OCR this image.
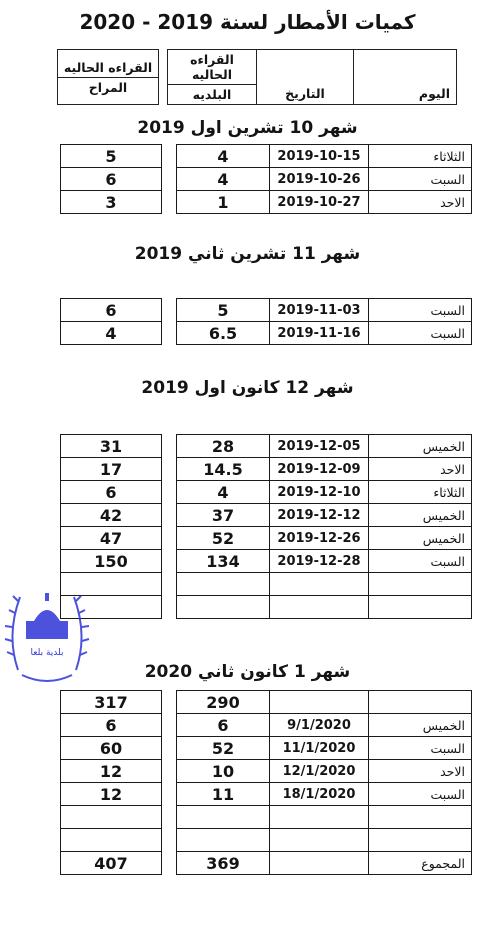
كميات الأمطار لسنة 2019 - 2020
القراءه الحاليه
المراح

القراءه الحاليه
البلديه	التاريخ	اليوم
شهر 10 تشرين اول 2019
5		4	2019-10-15	الثلاثاء
6		4	2019-10-26	السبت
3		1	2019-10-27	الاحد
شهر 11 تشرين ثاني 2019
6		5	2019-11-03	السبت
4		6.5	2019-11-16	السبت
شهر 12 كانون اول 2019
31		28	2019-12-05	الخميس
17		14.5	2019-12-09	الاحد
6		4	2019-12-10	الثلاثاء
42		37	2019-12-12	الخميس
47		52	2019-12-26	الخميس
150		134	2019-12-28	السبت

شهر 1 كانون ثاني 2020
317		290		
6		6	9/1/2020	الخميس
60		52	11/1/2020	السبت
12		10	12/1/2020	الاحد
12		11	18/1/2020	السبت

407		369		المجموع
بلدية بلعا
